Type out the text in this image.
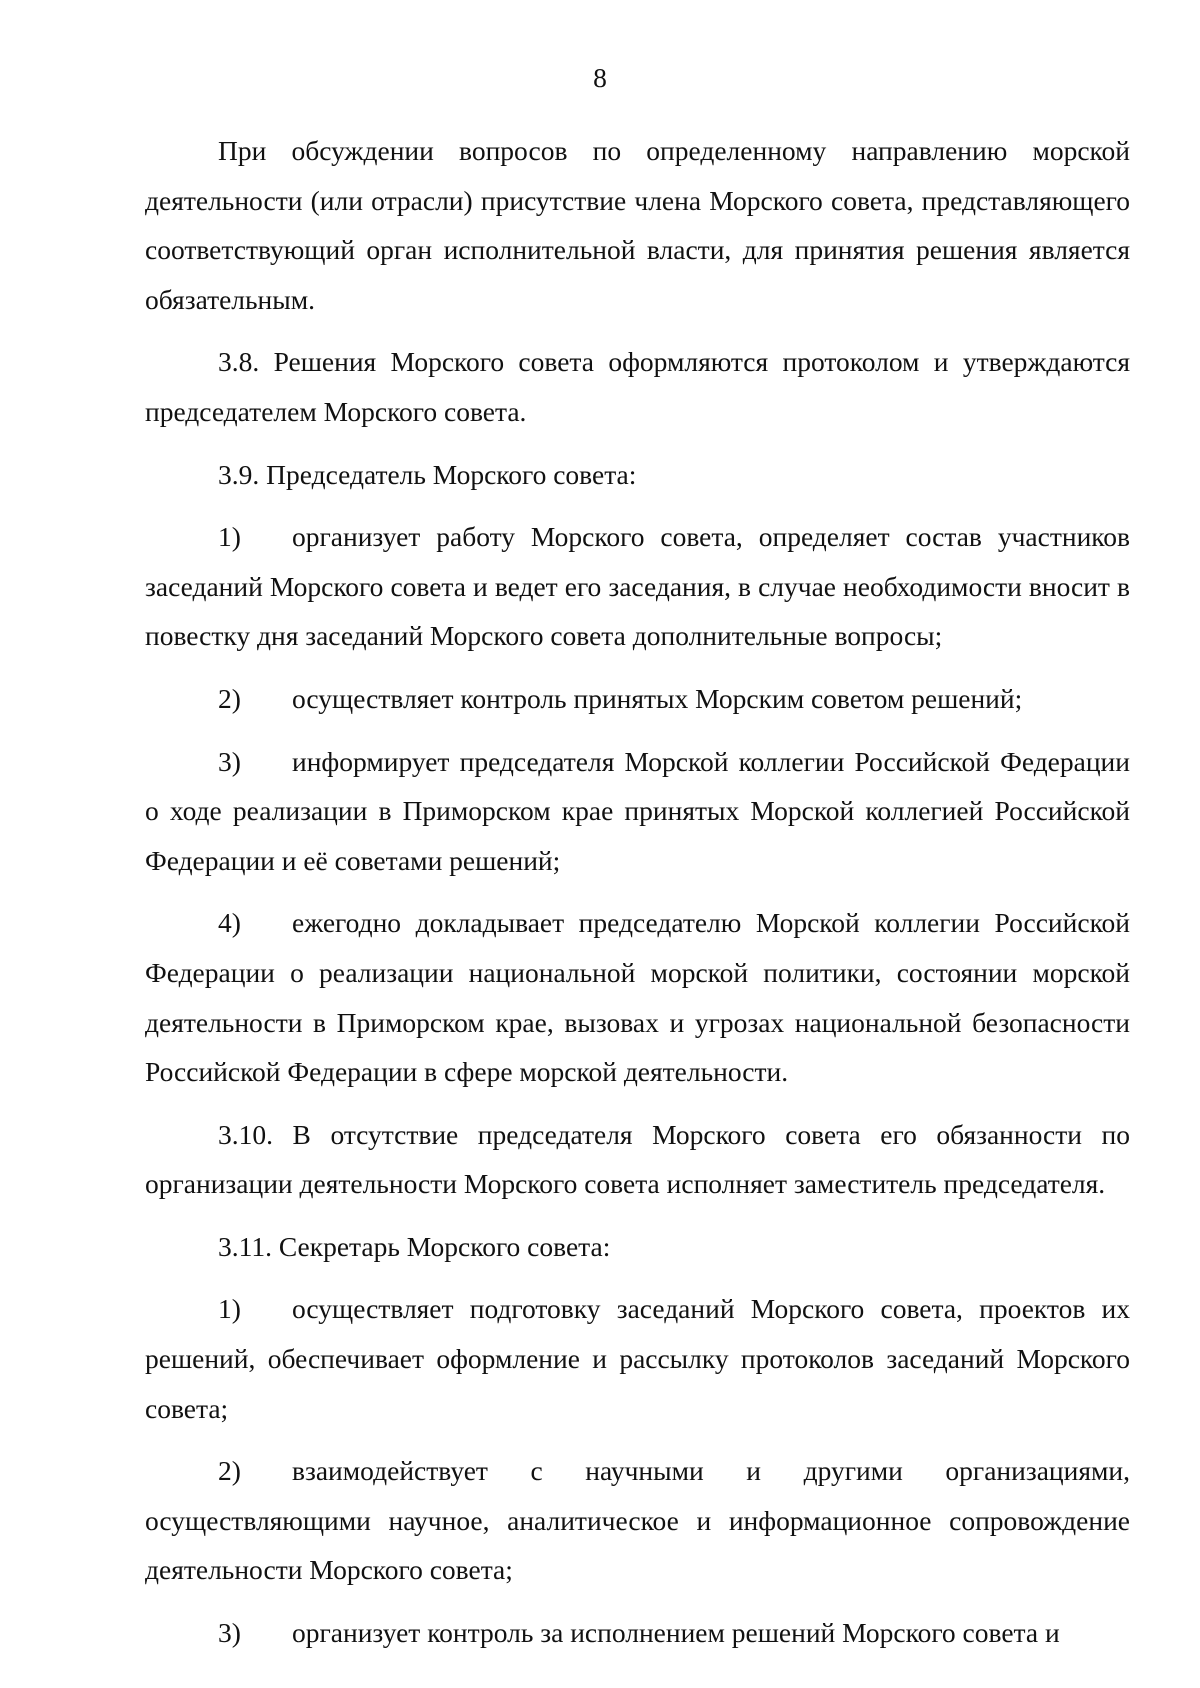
8

При обсуждении вопросов по определенному направлению морской деятельности (или отрасли) присутствие члена Морского совета, представляющего соответствующий орган исполнительной власти, для принятия решения является обязательным.

3.8. Решения Морского совета оформляются протоколом и утверждаются председателем Морского совета.

3.9. Председатель Морского совета:

1) организует работу Морского совета, определяет состав участников заседаний Морского совета и ведет его заседания, в случае необходимости вносит в повестку дня заседаний Морского совета дополнительные вопросы;

2) осуществляет контроль принятых Морским советом решений;

3) информирует председателя Морской коллегии Российской Федерации о ходе реализации в Приморском крае принятых Морской коллегией Российской Федерации и её советами решений;

4) ежегодно докладывает председателю Морской коллегии Российской Федерации о реализации национальной морской политики, состоянии морской деятельности в Приморском крае, вызовах и угрозах национальной безопасности Российской Федерации в сфере морской деятельности.

3.10. В отсутствие председателя Морского совета его обязанности по организации деятельности Морского совета исполняет заместитель председателя.

3.11. Секретарь Морского совета:

1) осуществляет подготовку заседаний Морского совета, проектов их решений, обеспечивает оформление и рассылку протоколов заседаний Морского совета;

2) взаимодействует с научными и другими организациями, осуществляющими научное, аналитическое и информационное сопровождение деятельности Морского совета;

3) организует контроль за исполнением решений Морского совета и
